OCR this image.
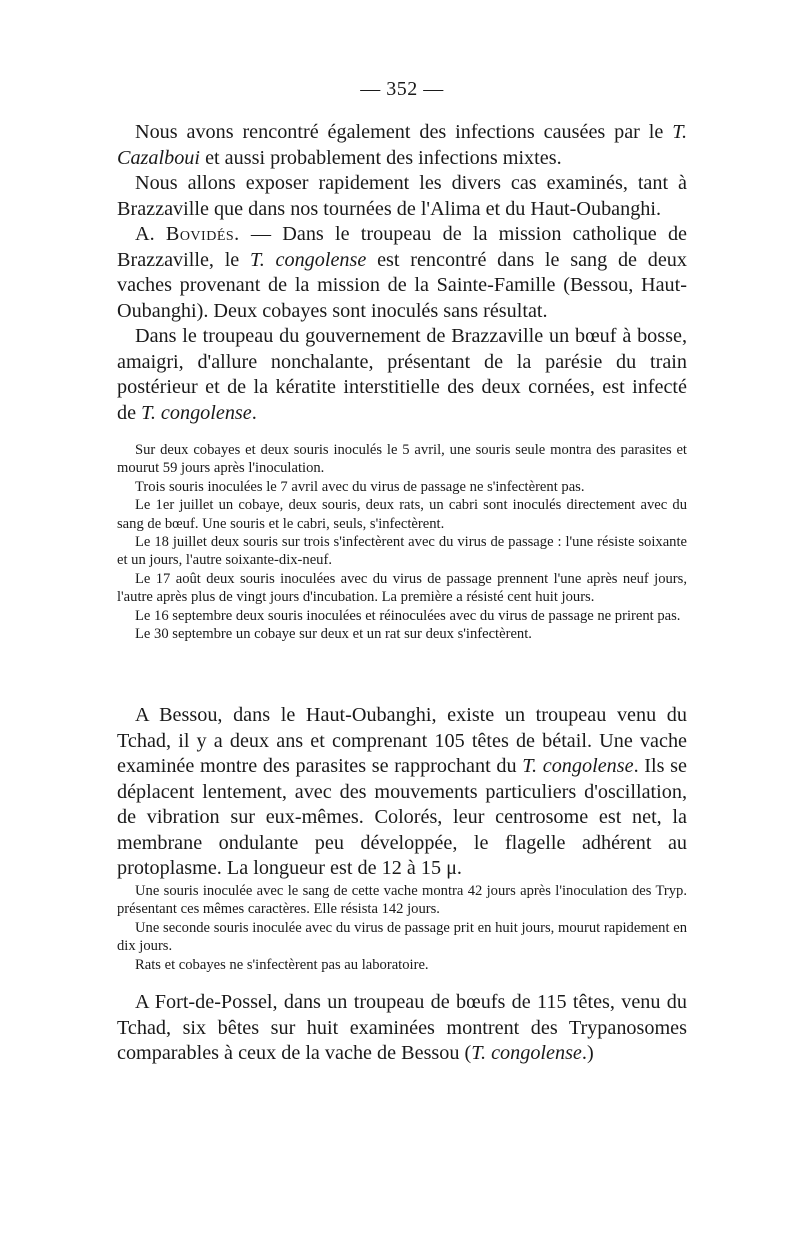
— 352 —

Nous avons rencontré également des infections causées par le T. Cazalboui et aussi probablement des infections mixtes.

Nous allons exposer rapidement les divers cas examinés, tant à Brazzaville que dans nos tournées de l'Alima et du Haut-Oubanghi.

A. Bovidés. — Dans le troupeau de la mission catholique de Brazzaville, le T. congolense est rencontré dans le sang de deux vaches provenant de la mission de la Sainte-Famille (Bessou, Haut-Oubanghi). Deux cobayes sont inoculés sans résultat.

Dans le troupeau du gouvernement de Brazzaville un bœuf à bosse, amaigri, d'allure nonchalante, présentant de la parésie du train postérieur et de la kératite interstitielle des deux cornées, est infecté de T. congolense.

Sur deux cobayes et deux souris inoculés le 5 avril, une souris seule montra des parasites et mourut 59 jours après l'inoculation.

Trois souris inoculées le 7 avril avec du virus de passage ne s'infectèrent pas.

Le 1er juillet un cobaye, deux souris, deux rats, un cabri sont inoculés directement avec du sang de bœuf. Une souris et le cabri, seuls, s'infectèrent.

Le 18 juillet deux souris sur trois s'infectèrent avec du virus de passage : l'une résiste soixante et un jours, l'autre soixante-dix-neuf.

Le 17 août deux souris inoculées avec du virus de passage prennent l'une après neuf jours, l'autre après plus de vingt jours d'incubation. La première a résisté cent huit jours.

Le 16 septembre deux souris inoculées et réinoculées avec du virus de passage ne prirent pas.

Le 30 septembre un cobaye sur deux et un rat sur deux s'infectèrent.

A Bessou, dans le Haut-Oubanghi, existe un troupeau venu du Tchad, il y a deux ans et comprenant 105 têtes de bétail. Une vache examinée montre des parasites se rapprochant du T. congolense. Ils se déplacent lentement, avec des mouvements particuliers d'oscillation, de vibration sur eux-mêmes. Colorés, leur centrosome est net, la membrane ondulante peu développée, le flagelle adhérent au protoplasme. La longueur est de 12 à 15 μ.

Une souris inoculée avec le sang de cette vache montra 42 jours après l'inoculation des Tryp. présentant ces mêmes caractères. Elle résista 142 jours.

Une seconde souris inoculée avec du virus de passage prit en huit jours, mourut rapidement en dix jours.

Rats et cobayes ne s'infectèrent pas au laboratoire.

A Fort-de-Possel, dans un troupeau de bœufs de 115 têtes, venu du Tchad, six bêtes sur huit examinées montrent des Trypanosomes comparables à ceux de la vache de Bessou (T. congolense.)
